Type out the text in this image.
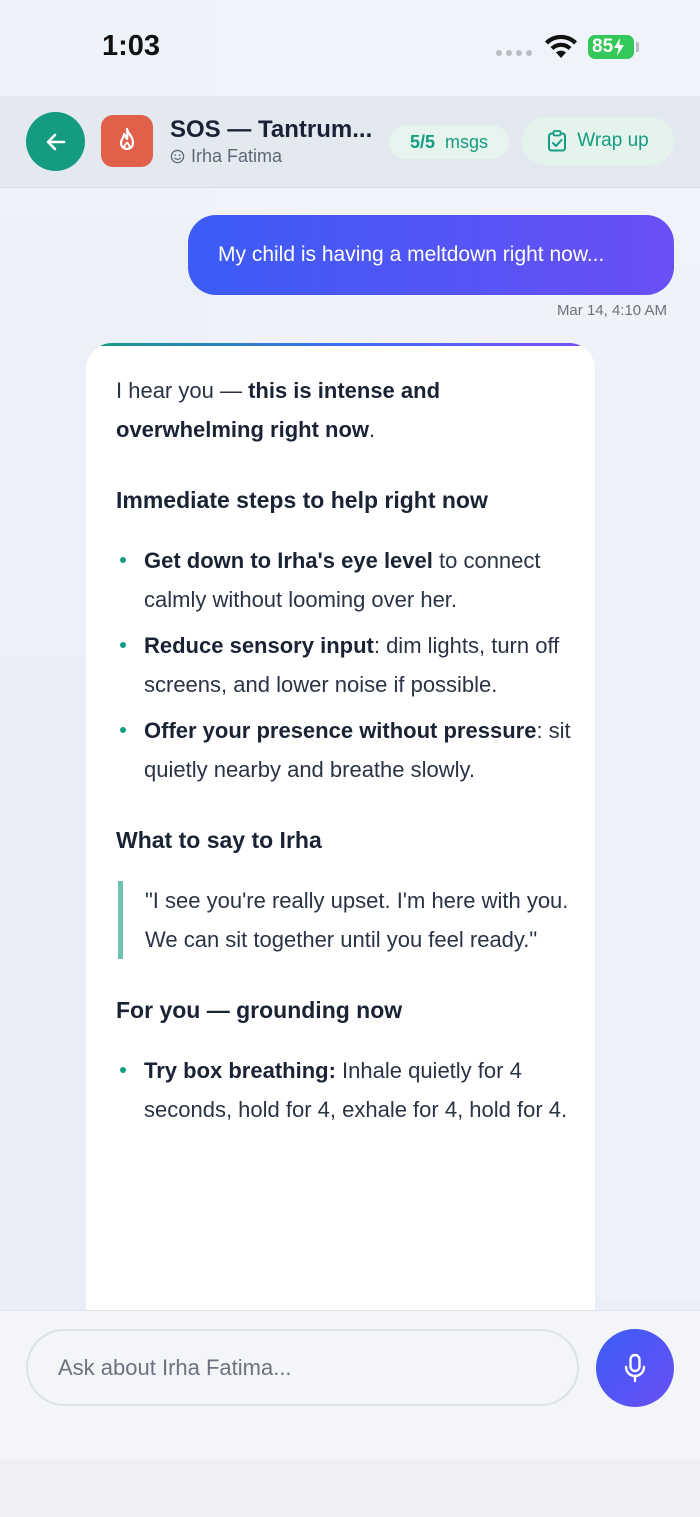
1:03	85
SOS — Tantrum...
Irha Fatima
5/5 msgs	Wrap up
My child is having a meltdown right now...
Mar 14, 4:10 AM

I hear you — this is intense and overwhelming right now.

Immediate steps to help right now
Get down to Irha's eye level to connect calmly without looming over her.
Reduce sensory input: dim lights, turn off screens, and lower noise if possible.
Offer your presence without pressure: sit quietly nearby and breathe slowly.
What to say to Irha
"I see you're really upset. I'm here with you. We can sit together until you feel ready."
For you — grounding now
Try box breathing: Inhale quietly for 4 seconds, hold for 4, exhale for 4, hold for 4.
Ask about Irha Fatima...
